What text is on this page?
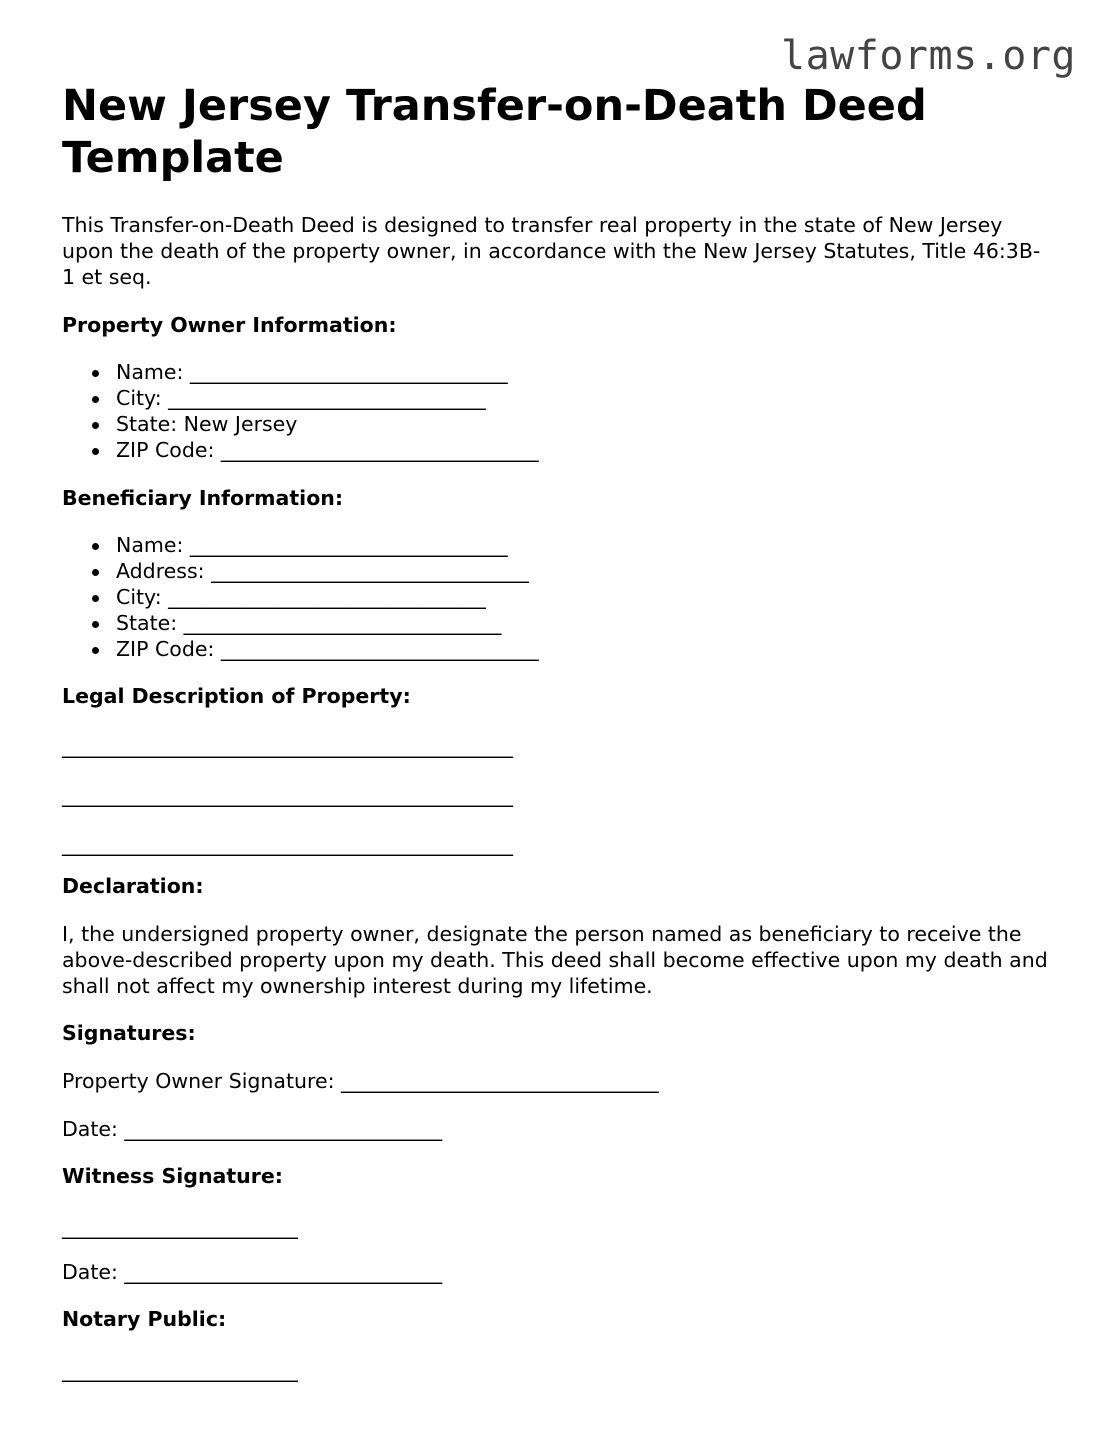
lawforms.org
New Jersey Transfer-on-Death Deed Template

This Transfer-on-Death Deed is designed to transfer real property in the state of New Jersey upon the death of the property owner, in accordance with the New Jersey Statutes, Title 46:3B-1 et seq.

Property Owner Information:
Name: _______________________________
City: _______________________________
State: New Jersey
ZIP Code: _______________________________
Beneficiary Information:
Name: _______________________________
Address: _______________________________
City: _______________________________
State: _______________________________
ZIP Code: _______________________________
Legal Description of Property:
____________________________________________
____________________________________________
____________________________________________
Declaration:

I, the undersigned property owner, designate the person named as beneficiary to receive the above-described property upon my death. This deed shall become effective upon my death and shall not affect my ownership interest during my lifetime.

Signatures:
Property Owner Signature: _______________________________
Date: _______________________________
Witness Signature:
_______________________
Date: _______________________________
Notary Public:
_______________________
